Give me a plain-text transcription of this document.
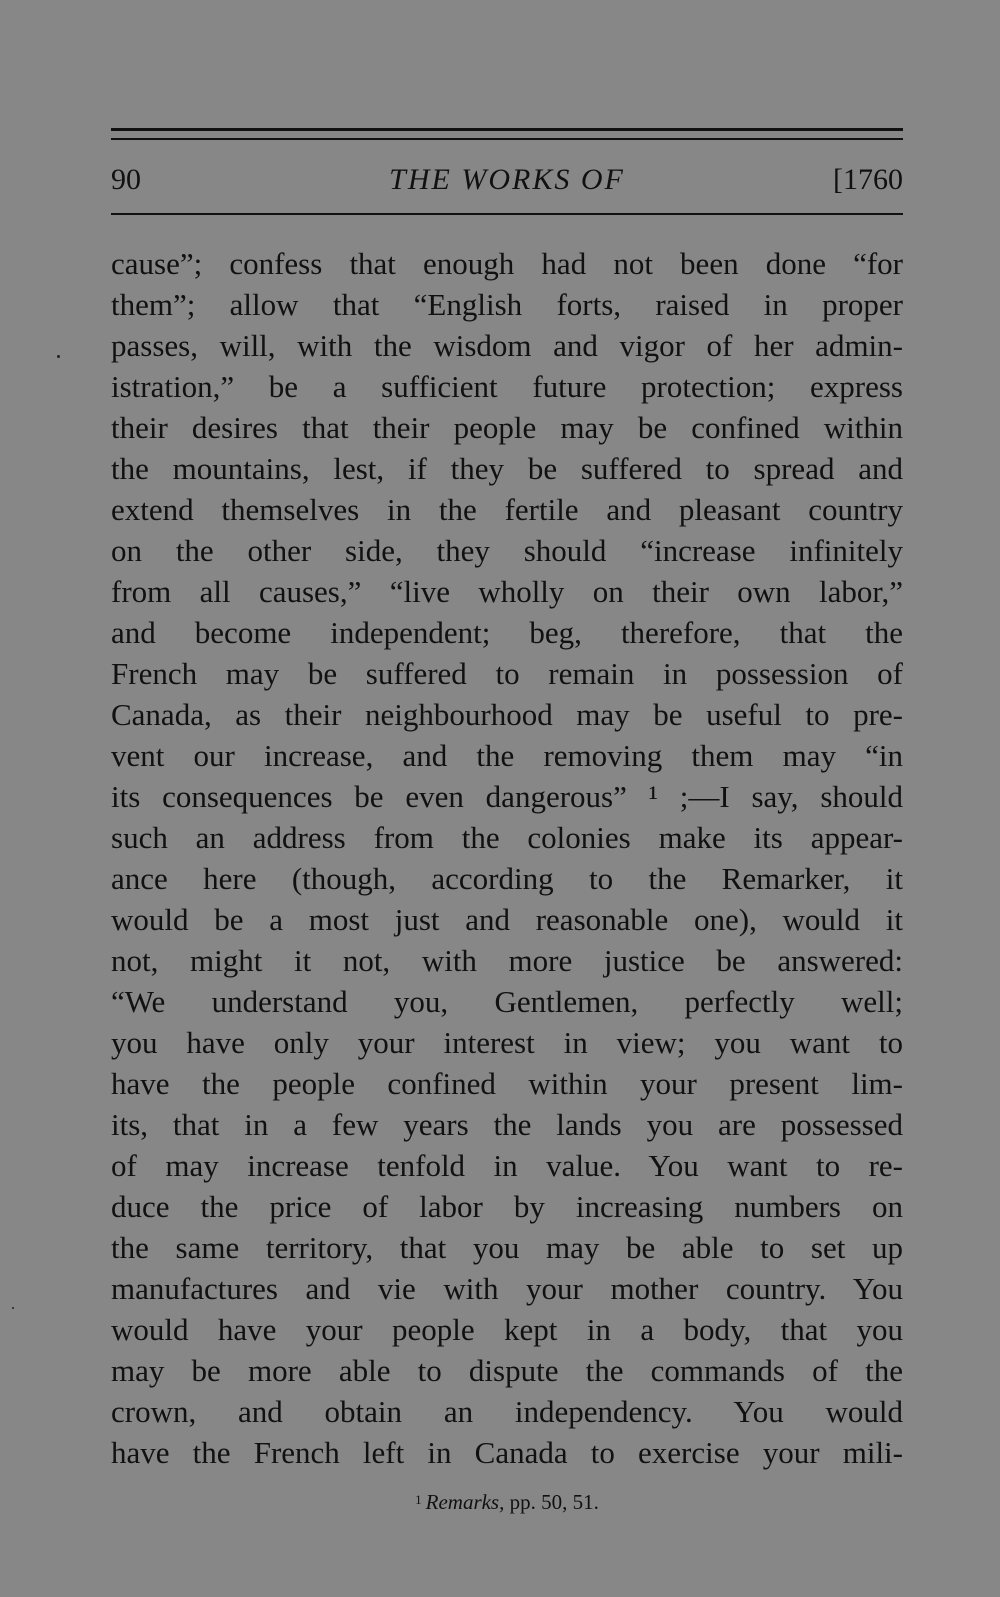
90	THE WORKS OF	[1760
cause”; confess that enough had not been done “for
them”; allow that “English forts, raised in proper
passes, will, with the wisdom and vigor of her admin-
istration,” be a sufficient future protection; express
their desires that their people may be confined within
the mountains, lest, if they be suffered to spread and
extend themselves in the fertile and pleasant country
on the other side, they should “increase infinitely
from all causes,” “live wholly on their own labor,”
and become independent; beg, therefore, that the
French may be suffered to remain in possession of
Canada, as their neighbourhood may be useful to pre-
vent our increase, and the removing them may “in
its consequences be even dangerous” ¹ ;—I say, should
such an address from the colonies make its appear-
ance here (though, according to the Remarker, it
would be a most just and reasonable one), would it
not, might it not, with more justice be answered:
“We understand you, Gentlemen, perfectly well;
you have only your interest in view; you want to
have the people confined within your present lim-
its, that in a few years the lands you are possessed
of may increase tenfold in value. You want to re-
duce the price of labor by increasing numbers on
the same territory, that you may be able to set up
manufactures and vie with your mother country. You
would have your people kept in a body, that you
may be more able to dispute the commands of the
crown, and obtain an independency. You would
have the French left in Canada to exercise your mili-
$^1$ Remarks, pp. 50, 51.
